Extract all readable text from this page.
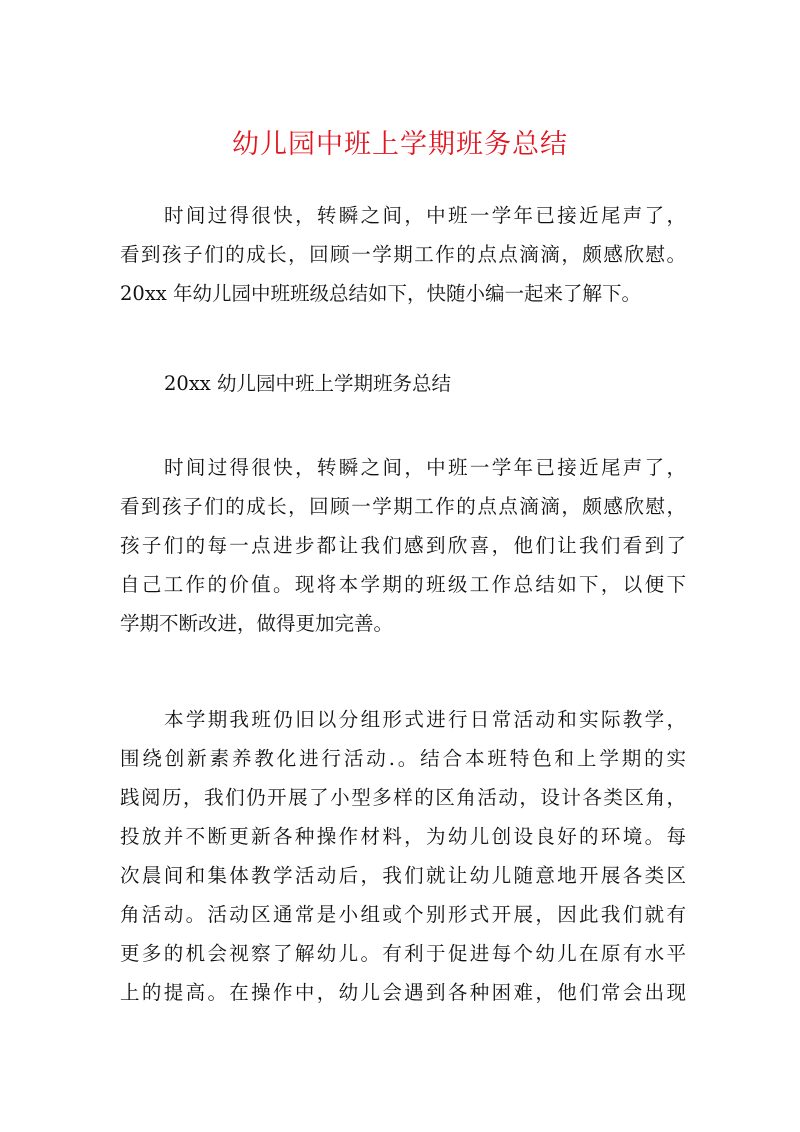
幼儿园中班上学期班务总结
时间过得很快，转瞬之间，中班一学年已接近尾声了，
看到孩子们的成长，回顾一学期工作的点点滴滴，颇感欣慰。
20xx 年幼儿园中班班级总结如下，快随小编一起来了解下。
20xx 幼儿园中班上学期班务总结
时间过得很快，转瞬之间，中班一学年已接近尾声了，
看到孩子们的成长，回顾一学期工作的点点滴滴，颇感欣慰，
孩子们的每一点进步都让我们感到欣喜，他们让我们看到了
自己工作的价值。现将本学期的班级工作总结如下，以便下
学期不断改进，做得更加完善。
本学期我班仍旧以分组形式进行日常活动和实际教学，
围绕创新素养教化进行活动.。结合本班特色和上学期的实
践阅历，我们仍开展了小型多样的区角活动，设计各类区角，
投放并不断更新各种操作材料，为幼儿创设良好的环境。每
次晨间和集体教学活动后，我们就让幼儿随意地开展各类区
角活动。活动区通常是小组或个别形式开展，因此我们就有
更多的机会视察了解幼儿。有利于促进每个幼儿在原有水平
上的提高。在操作中，幼儿会遇到各种困难，他们常会出现
